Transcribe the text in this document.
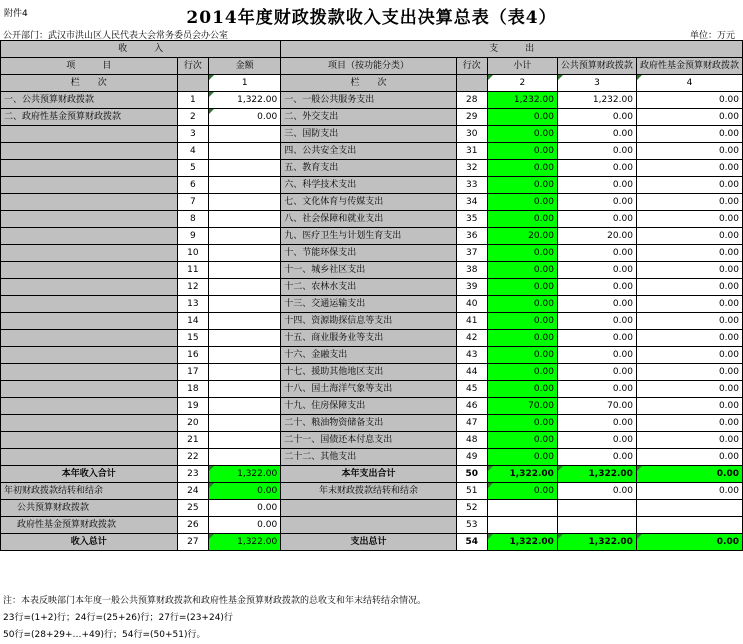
附件4	2014年度财政拨款收入支出决算总表（表4）
公开部门：武汉市洪山区人民代表大会常务委员会办公室	单位：万元
收　　　入			支　　　出				
项　　　目	行次	金额	项目（按功能分类）	行次	小计	公共预算财政拨款	政府性基金预算财政拨款
栏　　次		1	栏　　次		2	3	4
一、公共预算财政拨款	1	1,322.00	一、一般公共服务支出	28	1,232.00	1,232.00	0.00
二、政府性基金预算财政拨款	2	0.00	二、外交支出	29	0.00	0.00	0.00
	3		三、国防支出	30	0.00	0.00	0.00
	4		四、公共安全支出	31	0.00	0.00	0.00
	5		五、教育支出	32	0.00	0.00	0.00
	6		六、科学技术支出	33	0.00	0.00	0.00
	7		七、文化体育与传媒支出	34	0.00	0.00	0.00
	8		八、社会保障和就业支出	35	0.00	0.00	0.00
	9		九、医疗卫生与计划生育支出	36	20.00	20.00	0.00
	10		十、节能环保支出	37	0.00	0.00	0.00
	11		十一、城乡社区支出	38	0.00	0.00	0.00
	12		十二、农林水支出	39	0.00	0.00	0.00
	13		十三、交通运输支出	40	0.00	0.00	0.00
	14		十四、资源勘探信息等支出	41	0.00	0.00	0.00
	15		十五、商业服务业等支出	42	0.00	0.00	0.00
	16		十六、金融支出	43	0.00	0.00	0.00
	17		十七、援助其他地区支出	44	0.00	0.00	0.00
	18		十八、国土海洋气象等支出	45	0.00	0.00	0.00
	19		十九、住房保障支出	46	70.00	70.00	0.00
	20		二十、粮油物资储备支出	47	0.00	0.00	0.00
	21		二十一、国债还本付息支出	48	0.00	0.00	0.00
	22		二十二、其他支出	49	0.00	0.00	0.00
本年收入合计	23	1,322.00	本年支出合计	50	1,322.00	1,322.00	0.00
年初财政拨款结转和结余	24	0.00	年末财政拨款结转和结余	51	0.00	0.00	0.00
公共预算财政拨款	25	0.00		52			
政府性基金预算财政拨款	26	0.00		53			
收入总计	27	1,322.00	支出总计	54	1,322.00	1,322.00	0.00
注：本表反映部门本年度一般公共预算财政拨款和政府性基金预算财政拨款的总收支和年末结转结余情况。
23行=(1+2)行；24行=(25+26)行；27行=(23+24)行
50行=(28+29+…+49)行；54行=(50+51)行。
